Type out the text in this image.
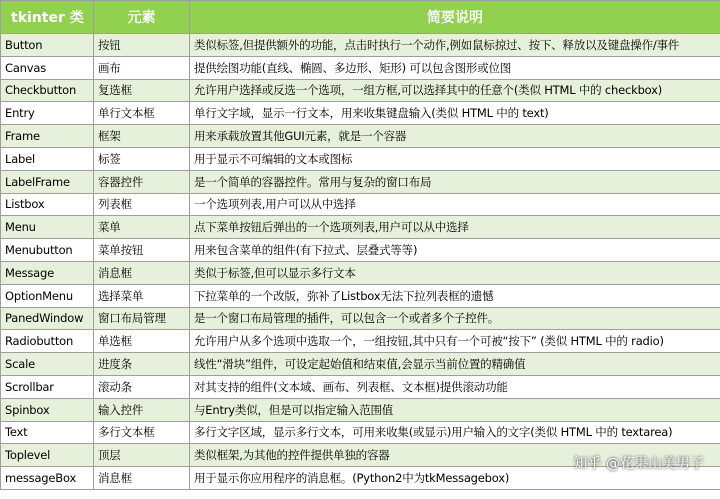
tkinter 类	元素	简要说明
Button	按钮	类似标签,但提供额外的功能，点击时执行一个动作,例如鼠标掠过、按下、释放以及键盘操作/事件
Canvas	画布	提供绘图功能(直线、椭圆、多边形、矩形) 可以包含图形或位图
Checkbutton	复选框	允许用户选择或反选一个选项，一组方框,可以选择其中的任意个(类似 HTML 中的 checkbox)
Entry	单行文本框	单行文字域，显示一行文本，用来收集键盘输入(类似 HTML 中的 text)
Frame	框架	用来承载放置其他GUI元素，就是一个容器
Label	标签	用于显示不可编辑的文本或图标
LabelFrame	容器控件	是一个简单的容器控件。常用与复杂的窗口布局
Listbox	列表框	一个选项列表,用户可以从中选择
Menu	菜单	点下菜单按钮后弹出的一个选项列表,用户可以从中选择
Menubutton	菜单按钮	用来包含菜单的组件(有下拉式、层叠式等等)
Message	消息框	类似于标签,但可以显示多行文本
OptionMenu	选择菜单	下拉菜单的一个改版，弥补了Listbox无法下拉列表框的遗憾
PanedWindow	窗口布局管理	是一个窗口布局管理的插件，可以包含一个或者多个子控件。
Radiobutton	单选框	允许用户从多个选项中选取一个，一组按钮,其中只有一个可被“按下” (类似 HTML 中的 radio)
Scale	进度条	线性“滑块”组件，可设定起始值和结束值,会显示当前位置的精确值
Scrollbar	滚动条	对其支持的组件(文本域、画布、列表框、文本框)提供滚动功能
Spinbox	输入控件	与Entry类似，但是可以指定输入范围值
Text	多行文本框	多行文字区域，显示多行文本，可用来收集(或显示)用户输入的文字(类似 HTML 中的 textarea)
Toplevel	顶层	类似框架,为其他的控件提供单独的容器
messageBox	消息框	用于显示你应用程序的消息框。(Python2中为tkMessagebox)
知乎 @花果山美男子
